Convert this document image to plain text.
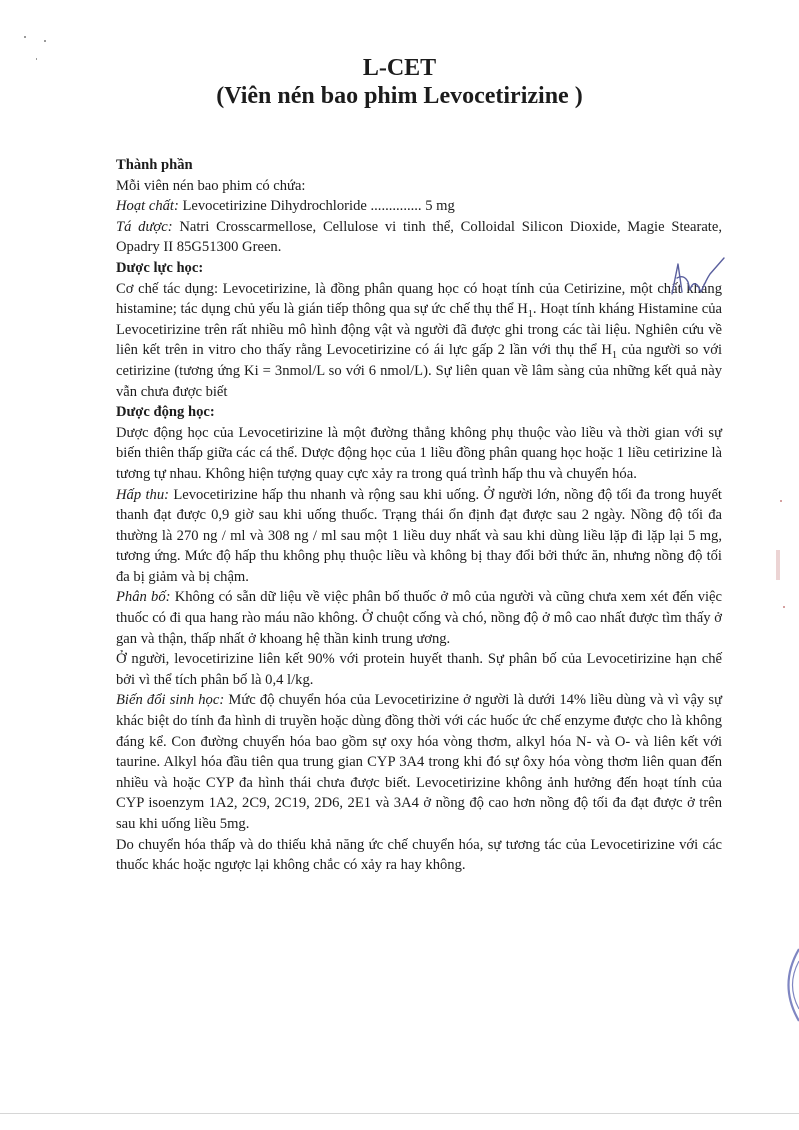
L-CET
(Viên nén bao phim Levocetirizine )

Thành phần

Mỗi viên nén bao phim có chứa:

Hoạt chất: Levocetirizine Dihydrochloride .............. 5 mg

Tá dược: Natri Crosscarmellose, Cellulose vi tinh thể, Colloidal Silicon Dioxide, Magie Stearate, Opadry II 85G51300 Green.

Dược lực học:

Cơ chế tác dụng: Levocetirizine, là đồng phân quang học có hoạt tính của Cetirizine, một chất kháng histamine; tác dụng chủ yếu là gián tiếp thông qua sự ức chế thụ thể $H_1$. Hoạt tính kháng Histamine của Levocetirizine trên rất nhiều mô hình động vật và người đã được ghi trong các tài liệu. Nghiên cứu về liên kết trên in vitro cho thấy rằng Levocetirizine có ái lực gấp 2 lần với thụ thể $H_1$ của người so với cetirizine (tương ứng Ki = 3nmol/L so với 6 nmol/L). Sự liên quan về lâm sàng của những kết quả này vẫn chưa được biết

Dược động học:

Dược động học của Levocetirizine là một đường thẳng không phụ thuộc vào liều và thời gian với sự biến thiên thấp giữa các cá thể. Dược động học của 1 liều đồng phân quang học hoặc 1 liều cetirizine là tương tự nhau. Không hiện tượng quay cực xảy ra trong quá trình hấp thu và chuyển hóa.

Hấp thu: Levocetirizine hấp thu nhanh và rộng sau khi uống. Ở người lớn, nồng độ tối đa trong huyết thanh đạt được 0,9 giờ sau khi uống thuốc. Trạng thái ổn định đạt được sau 2 ngày. Nồng độ tối đa thường là 270 ng / ml và 308 ng / ml sau một 1 liều duy nhất và sau khi dùng liều lặp đi lặp lại 5 mg, tương ứng. Mức độ hấp thu không phụ thuộc liều và không bị thay đổi bởi thức ăn, nhưng nồng độ tối đa bị giảm và bị chậm.

Phân bố: Không có sẵn dữ liệu về việc phân bố thuốc ở mô của người và cũng chưa xem xét đến việc thuốc có đi qua hang rào máu não không. Ở chuột cống và chó, nồng độ ở mô cao nhất được tìm thấy ở gan và thận, thấp nhất ở khoang hệ thần kinh trung ương.

Ở người, levocetirizine liên kết 90% với protein huyết thanh. Sự phân bố của Levocetirizine hạn chế bởi vì thể tích phân bố là 0,4 l/kg.

Biến đổi sinh học: Mức độ chuyển hóa của Levocetirizine ở người là dưới 14% liều dùng và vì vậy sự khác biệt do tính đa hình di truyền hoặc dùng đồng thời với các huốc ức chế enzyme được cho là không đáng kể. Con đường chuyển hóa bao gồm sự oxy hóa vòng thơm, alkyl hóa N- và O- và liên kết với taurine. Alkyl hóa đầu tiên qua trung gian CYP 3A4 trong khi đó sự ôxy hóa vòng thơm liên quan đến nhiều và hoặc CYP đa hình thái chưa được biết. Levocetirizine không ảnh hưởng đến hoạt tính của CYP isoenzym 1A2, 2C9, 2C19, 2D6, 2E1 và 3A4 ở nồng độ cao hơn nồng độ tối đa đạt được ở trên sau khi uống liều 5mg.

Do chuyển hóa thấp và do thiếu khả năng ức chế chuyển hóa, sự tương tác của Levocetirizine với các thuốc khác hoặc ngược lại không chắc có xảy ra hay không.
